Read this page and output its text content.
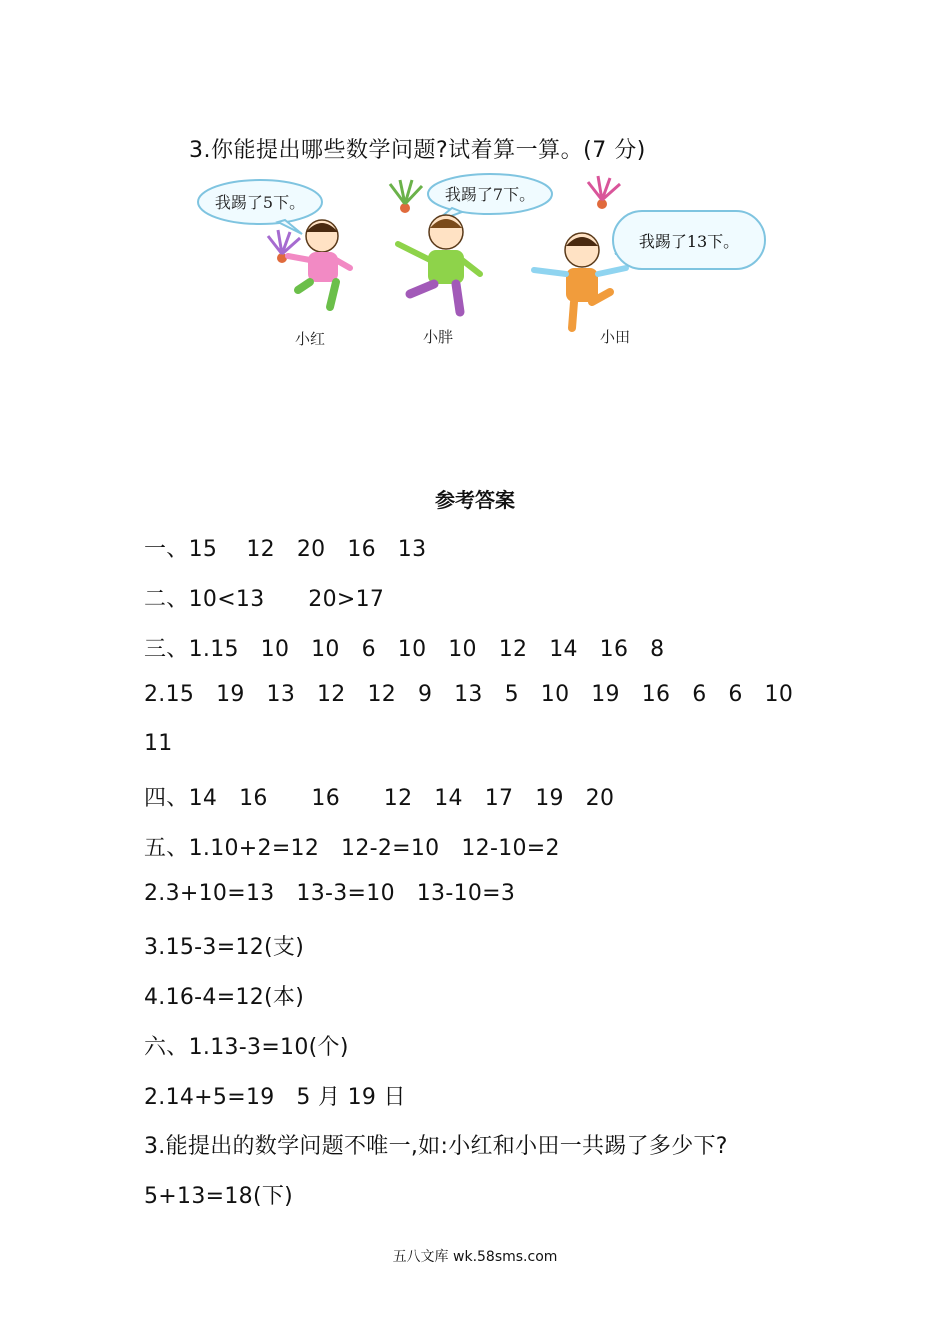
3.你能提出哪些数学问题?试着算一算。(7 分)
我踢了5下。	我踢了7下。
小红	小胖	小田
我踢了13下。
参考答案
一、15    12   20   16   13
二、10<13      20>17
三、1.15   10   10   6   10   10   12   14   16   8
2.15   19   13   12   12   9   13   5   10   19   16   6   6   10
11
四、14   16      16      12   14   17   19   20
五、1.10+2=12   12-2=10   12-10=2
2.3+10=13   13-3=10   13-10=3
3.15-3=12(支)
4.16-4=12(本)
六、1.13-3=10(个)
2.14+5=19   5 月 19 日
3.能提出的数学问题不唯一,如:小红和小田一共踢了多少下?
5+13=18(下)
五八文库 wk.58sms.com
